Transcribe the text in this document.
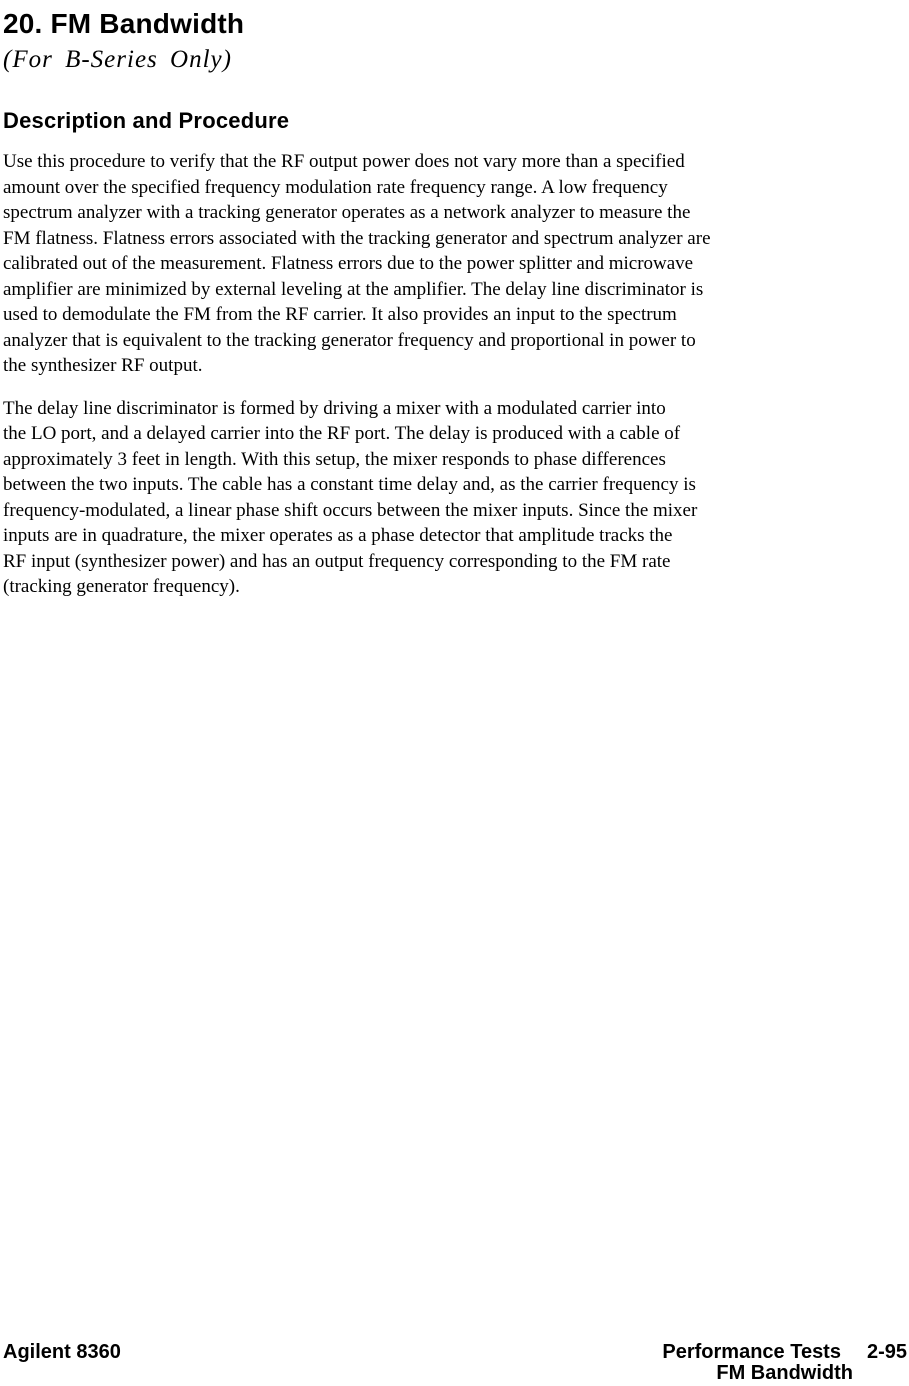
20. FM Bandwidth
(For B-Series Only)
Description and Procedure
Use this procedure to verify that the RF output power does not vary more than a specified
amount over the specified frequency modulation rate frequency range. A low frequency
spectrum analyzer with a tracking generator operates as a network analyzer to measure the
FM flatness. Flatness errors associated with the tracking generator and spectrum analyzer are
calibrated out of the measurement. Flatness errors due to the power splitter and microwave
amplifier are minimized by external leveling at the amplifier. The delay line discriminator is
used to demodulate the FM from the RF carrier. It also provides an input to the spectrum
analyzer that is equivalent to the tracking generator frequency and proportional in power to
the synthesizer RF output.
The delay line discriminator is formed by driving a mixer with a modulated carrier into
the LO port, and a delayed carrier into the RF port. The delay is produced with a cable of
approximately 3 feet in length. With this setup, the mixer responds to phase differences
between the two inputs. The cable has a constant time delay and, as the carrier frequency is
frequency-modulated, a linear phase shift occurs between the mixer inputs. Since the mixer
inputs are in quadrature, the mixer operates as a phase detector that amplitude tracks the
RF input (synthesizer power) and has an output frequency corresponding to the FM rate
(tracking generator frequency).
Agilent 8360	Performance Tests 2-95
FM Bandwidth
